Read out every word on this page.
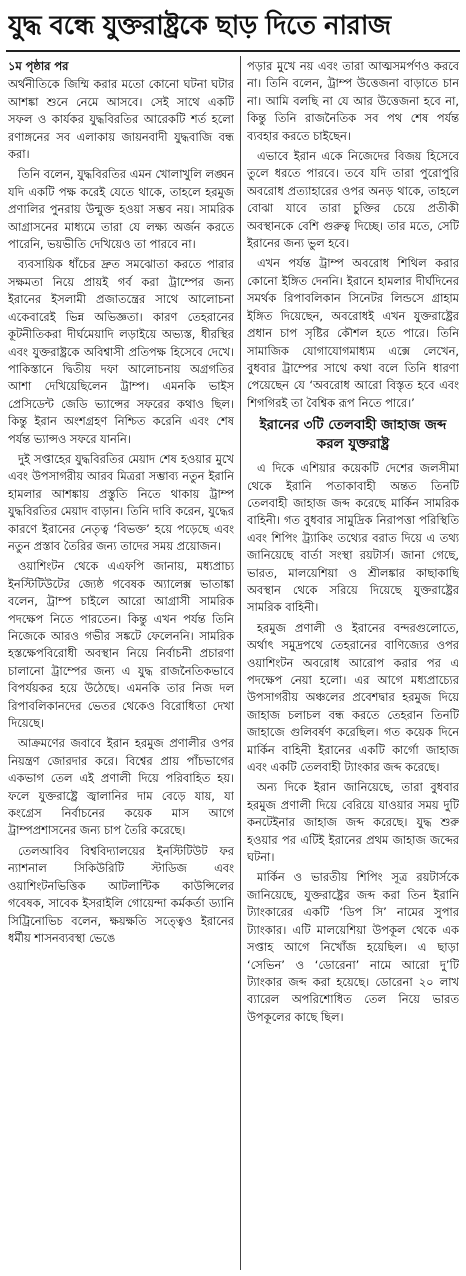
যুদ্ধ বন্ধে যুক্তরাষ্ট্রকে ছাড় দিতে নারাজ
১ম পৃষ্ঠার পর

অর্থনীতিকে জিম্মি করার মতো কোনো ঘটনা ঘটার আশঙ্কা শুনে নেমে আসবে। সেই সাথে একটি সফল ও কার্যকর যুদ্ধবিরতির আরেকটি শর্ত হলো রণাঙ্গনের সব এলাকায় জায়নবাদী যুদ্ধবাজি বন্ধ করা।

তিনি বলেন, যুদ্ধবিরতির এমন খোলাখুলি লঙ্ঘন যদি একটি পক্ষ করেই যেতে থাকে, তাহলে হরমুজ প্রণালির পুনরায় উন্মুক্ত হওয়া সম্ভব নয়। সামরিক আগ্রাসনের মাধ্যমে তারা যে লক্ষ্য অর্জন করতে পারেনি, ভয়ভীতি দেখিয়েও তা পারবে না।

ব্যবসায়িক ধাঁচের দ্রুত সমঝোতা করতে পারার সক্ষমতা নিয়ে প্রায়ই গর্ব করা ট্রাম্পের জন্য ইরানের ইসলামী প্রজাতন্ত্রের সাথে আলোচনা একেবারেই ভিন্ন অভিজ্ঞতা। কারণ তেহরানের কূটনীতিকরা দীর্ঘমেয়াদি লড়াইয়ে অভ্যস্ত, ধীরস্থির এবং যুক্তরাষ্ট্রকে অবিশ্বাসী প্রতিপক্ষ হিসেবে দেখে। পাকিস্তানে দ্বিতীয় দফা আলোচনায় অগ্রগতির আশা দেখিয়েছিলেন ট্রাম্প। এমনকি ভাইস প্রেসিডেন্ট জেডি ভ্যান্সের সফরের কথাও ছিল। কিন্তু ইরান অংশগ্রহণ নিশ্চিত করেনি এবং শেষ পর্যন্ত ভ্যান্সও সফরে যাননি।

দুই সপ্তাহের যুদ্ধবিরতির মেয়াদ শেষ হওয়ার মুখে এবং উপসাগরীয় আরব মিত্ররা সম্ভাব্য নতুন ইরানি হামলার আশঙ্কায় প্রস্তুতি নিতে থাকায় ট্রাম্প যুদ্ধবিরতির মেয়াদ বাড়ান। তিনি দাবি করেন, যুদ্ধের কারণে ইরানের নেতৃত্ব ‘বিভক্ত’ হয়ে পড়েছে এবং নতুন প্রস্তাব তৈরির জন্য তাদের সময় প্রয়োজন।

ওয়াশিংটন থেকে এএফপি জানায়, মধ্যপ্রাচ্য ইনস্টিটিউটের জ্যেষ্ঠ গবেষক অ্যালেক্স ভাতাঙ্কা বলেন, ট্রাম্প চাইলে আরো আগ্রাসী সামরিক পদক্ষেপ নিতে পারতেন। কিন্তু এখন পর্যন্ত তিনি নিজেকে আরও গভীর সঙ্কটে ফেলেননি। সামরিক হস্তক্ষেপবিরোধী অবস্থান নিয়ে নির্বাচনী প্রচারণা চালানো ট্রাম্পের জন্য এ যুদ্ধ রাজনৈতিকভাবে বিপর্যয়কর হয়ে উঠেছে। এমনকি তার নিজ দল রিপাবলিকানদের ভেতর থেকেও বিরোধিতা দেখা দিয়েছে।

আক্রমণের জবাবে ইরান হরমুজ প্রণালীর ওপর নিয়ন্ত্রণ জোরদার করে। বিশ্বের প্রায় পাঁচভাগের একভাগ তেল এই প্রণালী দিয়ে পরিবাহিত হয়। ফলে যুক্তরাষ্ট্রে জ্বালানির দাম বেড়ে যায়, যা কংগ্রেস নির্বাচনের কয়েক মাস আগে ট্রাম্পপ্রশাসনের জন্য চাপ তৈরি করেছে।

তেলআবিব বিশ্ববিদ্যালয়ের ইনস্টিটিউট ফর ন্যাশনাল সিকিউরিটি স্টাডিজ এবং ওয়াশিংটনভিত্তিক আটলান্টিক কাউন্সিলের গবেষক, সাবেক ইসরাইলি গোয়েন্দা কর্মকর্তা ড্যানি সিট্রিনোভিচ বলেন, ক্ষয়ক্ষতি সত্ত্বেও ইরানের ধর্মীয় শাসনব্যবস্থা ভেঙে

পড়ার মুখে নয় এবং তারা আত্মসমর্পণও করবে না। তিনি বলেন, ট্রাম্প উত্তেজনা বাড়াতে চান না। আমি বলছি না যে আর উত্তেজনা হবে না, কিন্তু তিনি রাজনৈতিক সব পথ শেষ পর্যন্ত ব্যবহার করতে চাইছেন।

এভাবে ইরান একে নিজেদের বিজয় হিসেবে তুলে ধরতে পারবে। তবে যদি তারা পুরোপুরি অবরোধ প্রত্যাহারের ওপর অনড় থাকে, তাহলে বোঝা যাবে তারা চুক্তির চেয়ে প্রতীকী অবস্থানকে বেশি গুরুত্ব দিচ্ছে। তার মতে, সেটি ইরানের জন্য ভুল হবে।

এখন পর্যন্ত ট্রাম্প অবরোধ শিথিল করার কোনো ইঙ্গিত দেননি। ইরানে হামলার দীর্ঘদিনের সমর্থক রিপাবলিকান সিনেটর লিন্ডসে গ্রাহাম ইঙ্গিত দিয়েছেন, অবরোধই এখন যুক্তরাষ্ট্রের প্রধান চাপ সৃষ্টির কৌশল হতে পারে। তিনি সামাজিক যোগাযোগমাধ্যম এক্সে লেখেন, বুধবার ট্রাম্পের সাথে কথা বলে তিনি ধারণা পেয়েছেন যে ‘অবরোধ আরো বিস্তৃত হবে এবং শিগগিরই তা বৈশ্বিক রূপ নিতে পারে।’

ইরানের ৩টি তেলবাহী জাহাজ জব্দ করল যুক্তরাষ্ট্র

এ দিকে এশিয়ার কয়েকটি দেশের জলসীমা থেকে ইরানি পতাকাবাহী অন্তত তিনটি তেলবাহী জাহাজ জব্দ করেছে মার্কিন সামরিক বাহিনী। গত বুধবার সামুদ্রিক নিরাপত্তা পরিস্থিতি এবং শিপিং ট্র্যাকিং তথ্যের বরাত দিয়ে এ তথ্য জানিয়েছে বার্তা সংস্থা রয়টার্স। জানা গেছে, ভারত, মালয়েশিয়া ও শ্রীলঙ্কার কাছাকাছি অবস্থান থেকে সরিয়ে দিয়েছে যুক্তরাষ্ট্রের সামরিক বাহিনী।

হরমুজ প্রণালী ও ইরানের বন্দরগুলোতে, অর্থাৎ সমুদ্রপথে তেহরানের বাণিজ্যের ওপর ওয়াশিংটন অবরোধ আরোপ করার পর এ পদক্ষেপ নেয়া হলো। এর আগে মধ্যপ্রাচ্যের উপসাগরীয় অঞ্চলের প্রবেশদ্বার হরমুজ দিয়ে জাহাজ চলাচল বন্ধ করতে তেহরান তিনটি জাহাজে গুলিবর্ষণ করেছিল। গত কয়েক দিনে মার্কিন বাহিনী ইরানের একটি কার্গো জাহাজ এবং একটি তেলবাহী ট্যাংকার জব্দ করেছে।

অন্য দিকে ইরান জানিয়েছে, তারা বুধবার হরমুজ প্রণালী দিয়ে বেরিয়ে যাওয়ার সময় দুটি কনটেইনার জাহাজ জব্দ করেছে। যুদ্ধ শুরু হওয়ার পর এটিই ইরানের প্রথম জাহাজ জব্দের ঘটনা।

মার্কিন ও ভারতীয় শিপিং সূত্র রয়টার্সকে জানিয়েছে, যুক্তরাষ্ট্রের জব্দ করা তিন ইরানি ট্যাংকারের একটি ‘ডিপ সি’ নামের সুপার ট্যাংকার। এটি মালয়েশিয়া উপকূল থেকে এক সপ্তাহ আগে নিখোঁজ হয়েছিল। এ ছাড়া ‘সেভিন’ ও ‘ডোরেনা’ নামে আরো দু’টি ট্যাংকার জব্দ করা হয়েছে। ডোরেনা ২০ লাখ ব্যারেল অপরিশোধিত তেল নিয়ে ভারত উপকূলের কাছে ছিল।
